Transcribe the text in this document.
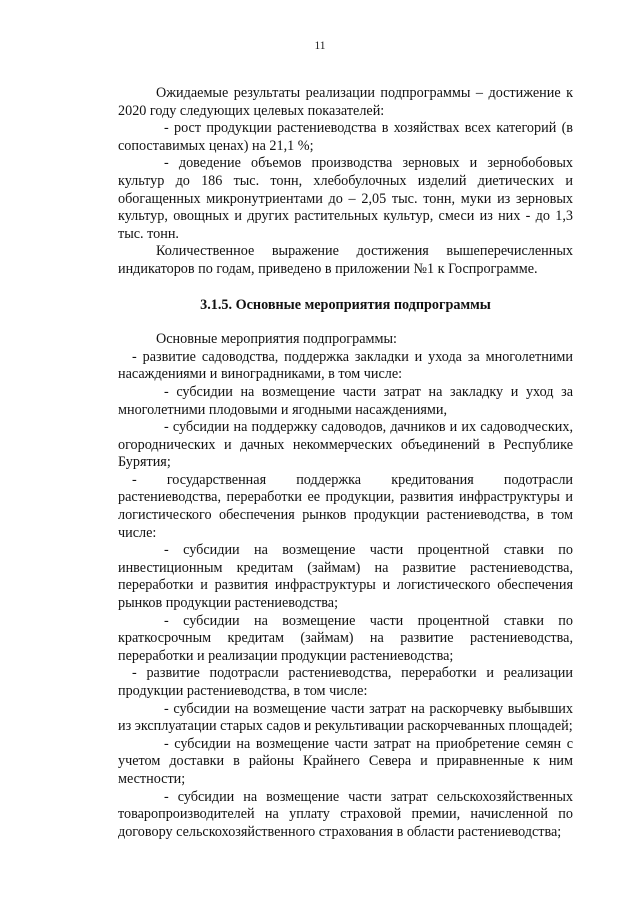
11

Ожидаемые результаты реализации подпрограммы – достижение к 2020 году следующих целевых показателей:

- рост продукции растениеводства в хозяйствах всех категорий (в сопоставимых ценах) на 21,1 %;

- доведение объемов производства зерновых и зернобобовых культур до 186 тыс. тонн, хлебобулочных изделий диетических и обогащенных микронутриентами до – 2,05 тыс. тонн, муки из зерновых культур, овощных и других растительных культур, смеси из них - до 1,3 тыс. тонн.

Количественное выражение достижения вышеперечисленных индикаторов по годам, приведено в приложении №1 к Госпрограмме.

3.1.5. Основные мероприятия подпрограммы

Основные мероприятия подпрограммы:

- развитие садоводства, поддержка закладки и ухода за многолетними насаждениями и виноградниками, в том числе:

- субсидии на возмещение части затрат на закладку и уход за многолетними плодовыми и ягодными насаждениями,

- субсидии на поддержку садоводов, дачников и их садоводческих, огороднических и дачных некоммерческих объединений в Республике Бурятия;

- государственная поддержка кредитования подотрасли растениеводства, переработки ее продукции, развития инфраструктуры и логистического обеспечения рынков продукции растениеводства, в том числе:

- субсидии на возмещение части процентной ставки по инвестиционным кредитам (займам) на развитие растениеводства, переработки и развития инфраструктуры и логистического обеспечения рынков продукции растениеводства;

- субсидии на возмещение части процентной ставки по краткосрочным кредитам (займам) на развитие растениеводства, переработки и реализации продукции растениеводства;

- развитие подотрасли растениеводства, переработки и реализации продукции растениеводства, в том числе:

- субсидии на возмещение части затрат на раскорчевку выбывших из эксплуатации старых садов и рекультивации раскорчеванных площадей;

- субсидии на возмещение части затрат на приобретение семян с учетом доставки в районы Крайнего Севера и приравненные к ним местности;

- субсидии на возмещение части затрат сельскохозяйственных товаропроизводителей на уплату страховой премии, начисленной по договору сельскохозяйственного страхования в области растениеводства;
